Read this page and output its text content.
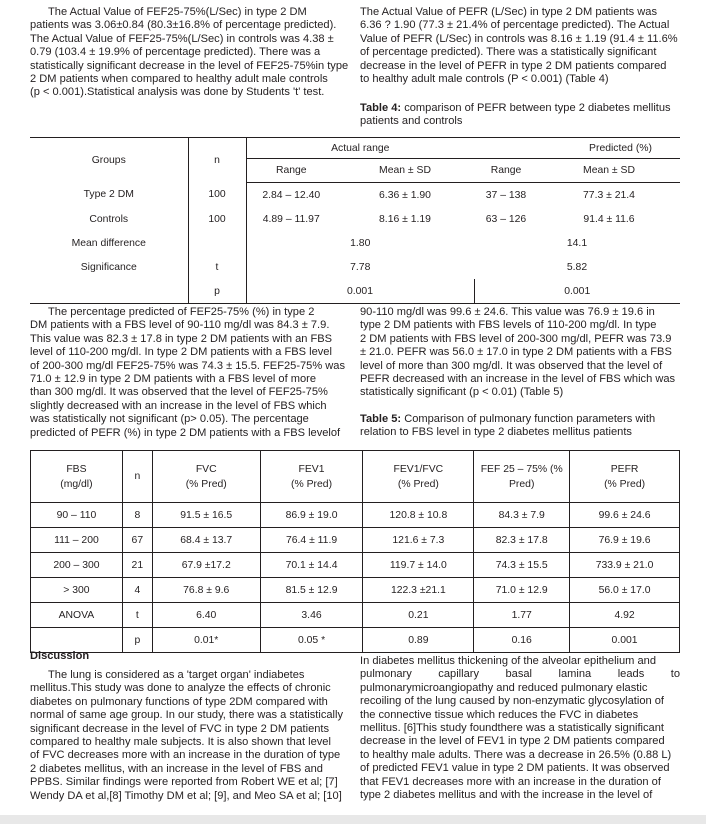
The Actual Value of FEF25-75%(L/Sec) in type 2 DM

patients was 3.06±0.84 (80.3±16.8% of percentage predicted).

The Actual Value of FEF25-75%(L/Sec) in controls was 4.38 ±

0.79 (103.4 ± 19.9% of percentage predicted). There was a

statistically significant decrease in the level of FEF25-75%in type

2 DM patients when compared to healthy adult male controls

(p < 0.001).Statistical analysis was done by Students 't' test.

The Actual Value of PEFR (L/Sec) in type 2 DM patients was

6.36 ? 1.90 (77.3 ± 21.4% of percentage predicted). The Actual

Value of PEFR (L/Sec) in controls was 8.16 ± 1.19 (91.4 ± 11.6%

of percentage predicted). There was a statistically significant

decrease in the level of PEFR in type 2 DM patients compared

to healthy adult male controls (P < 0.001) (Table 4)

Table 4: comparison of PEFR between type 2 diabetes mellitus

patients and controls

Groups	n	Actual range		Predicted (%)	
		Range	Mean ± SD	Range	Mean ± SD
Type 2 DM	100	2.84 – 12.40	6.36 ± 1.90	37 – 138	77.3 ± 21.4
Controls	100	4.89 – 11.97	8.16 ± 1.19	63 – 126	91.4 ± 11.6
Mean difference		1.80		14.1	
Significance	t	7.78		5.82	
	p	0.001		0.001	

The percentage predicted of FEF25-75% (%) in type 2

DM patients with a FBS level of 90-110 mg/dl was 84.3 ± 7.9.

This value was 82.3 ± 17.8 in type 2 DM patients with an FBS

level of 110-200 mg/dl. In type 2 DM patients with a FBS level

of 200-300 mg/dl FEF25-75% was 74.3 ± 15.5. FEF25-75% was

71.0 ± 12.9 in type 2 DM patients with a FBS level of more

than 300 mg/dl. It was observed that the level of FEF25-75%

slightly decreased with an increase in the level of FBS which

was statistically not significant (p> 0.05). The percentage

predicted of PEFR (%) in type 2 DM patients with a FBS levelof

90-110 mg/dl was 99.6 ± 24.6. This value was 76.9 ± 19.6 in

type 2 DM patients with FBS levels of 110-200 mg/dl. In type

2 DM patients with FBS level of 200-300 mg/dl, PEFR was 73.9

± 21.0. PEFR was 56.0 ± 17.0 in type 2 DM patients with a FBS

level of more than 300 mg/dl. It was observed that the level of

PEFR decreased with an increase in the level of FBS which was

statistically significant (p < 0.01) (Table 5)

Table 5: Comparison of pulmonary function parameters with

relation to FBS level in type 2 diabetes mellitus patients

FBS
(mg/dl)	n	FVC
(% Pred)	FEV1
(% Pred)	FEV1/FVC
(% Pred)	FEF 25 – 75% (%
Pred)	PEFR
(% Pred)
90 – 110	8	91.5 ± 16.5	86.9 ± 19.0	120.8 ± 10.8	84.3 ± 7.9	99.6 ± 24.6
111 – 200	67	68.4 ± 13.7	76.4 ± 11.9	121.6 ± 7.3	82.3 ± 17.8	76.9 ± 19.6
200 – 300	21	67.9 ±17.2	70.1 ± 14.4	119.7 ± 14.0	74.3 ± 15.5	733.9 ± 21.0
> 300	4	76.8 ± 9.6	81.5 ± 12.9	122.3 ±21.1	71.0 ± 12.9	56.0 ± 17.0
ANOVA	t	6.40	3.46	0.21	1.77	4.92
	p	0.01*	0.05 *	0.89	0.16	0.001
Discussion

The lung is considered as a 'target organ' indiabetes

mellitus.This study was done to analyze the effects of chronic

diabetes on pulmonary functions of type 2DM compared with

normal of same age group. In our study, there was a statistically

significant decrease in the level of FVC in type 2 DM patients

compared to healthy male subjects. It is also shown that level

of FVC decreases more with an increase in the duration of type

2 diabetes mellitus, with an increase in the level of FBS and

PPBS. Similar findings were reported from Robert WE et al; [7]

Wendy DA et al,[8] Timothy DM et al; [9], and Meo SA et al; [10]

In diabetes mellitus thickening of the alveolar epithelium and

pulmonary capillary basal lamina leads to

pulmonarymicroangiopathy and reduced pulmonary elastic

recoiling of the lung caused by non-enzymatic glycosylation of

the connective tissue which reduces the FVC in diabetes

mellitus. [6]This study foundthere was a statistically significant

decrease in the level of FEV1 in type 2 DM patients compared

to healthy male adults. There was a decrease in 26.5% (0.88 L)

of predicted FEV1 value in type 2 DM patients. It was observed

that FEV1 decreases more with an increase in the duration of

type 2 diabetes mellitus and with the increase in the level of
